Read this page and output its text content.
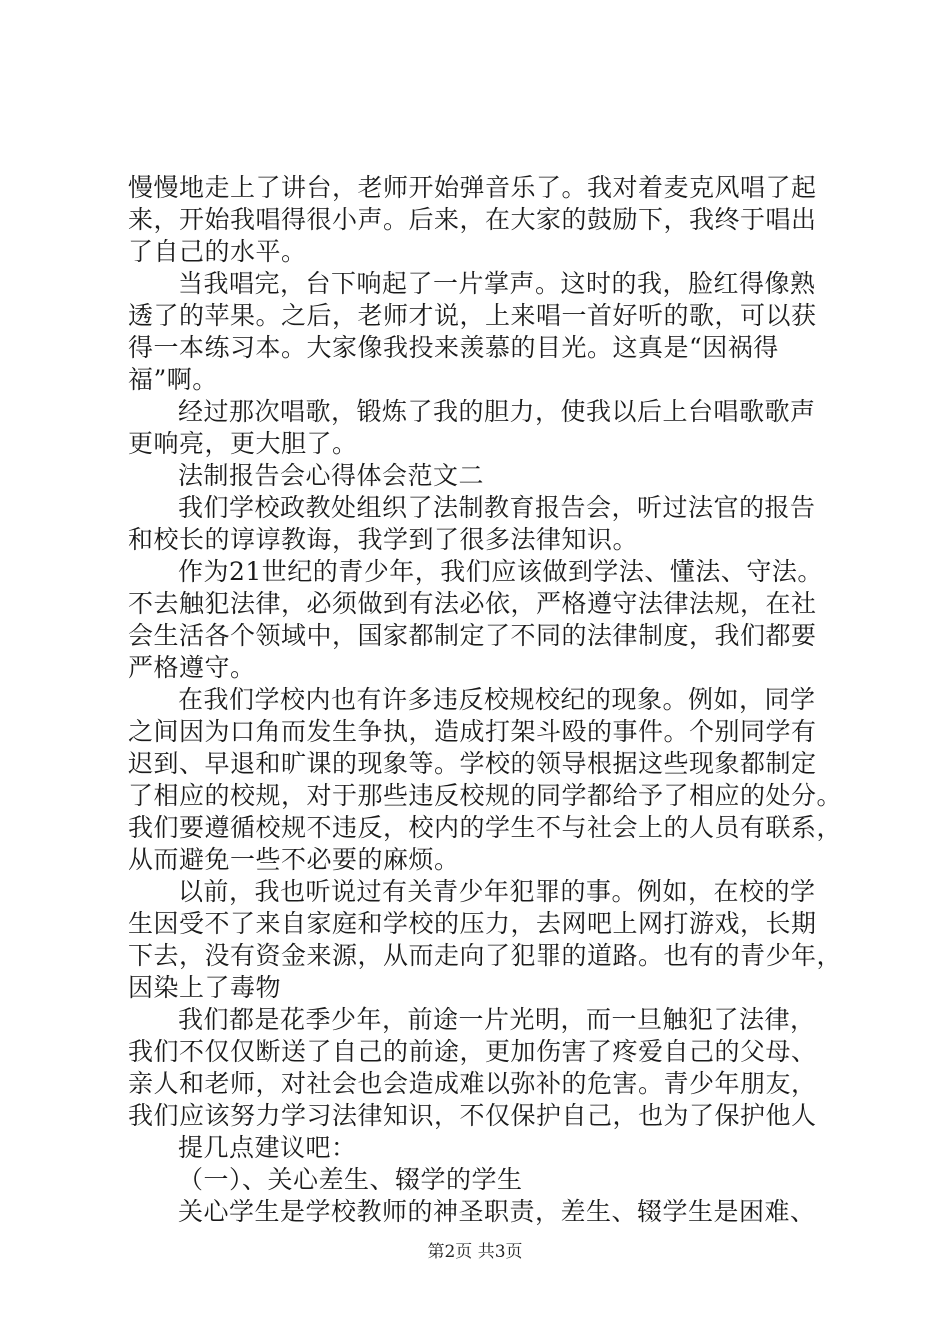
慢慢地走上了讲台，老师开始弹音乐了。我对着麦克风唱了起
来，开始我唱得很小声。后来，在大家的鼓励下，我终于唱出
了自己的水平。
当我唱完，台下响起了一片掌声。这时的我，脸红得像熟
透了的苹果。之后，老师才说，上来唱一首好听的歌，可以获
得一本练习本。大家像我投来羡慕的目光。这真是“因祸得
福”啊。
经过那次唱歌，锻炼了我的胆力，使我以后上台唱歌歌声
更响亮，更大胆了。
法制报告会心得体会范文二
我们学校政教处组织了法制教育报告会，听过法官的报告
和校长的谆谆教诲，我学到了很多法律知识。
作为21世纪的青少年，我们应该做到学法、懂法、守法。
不去触犯法律，必须做到有法必依，严格遵守法律法规，在社
会生活各个领域中，国家都制定了不同的法律制度，我们都要
严格遵守。
在我们学校内也有许多违反校规校纪的现象。例如，同学
之间因为口角而发生争执，造成打架斗殴的事件。个别同学有
迟到、早退和旷课的现象等。学校的领导根据这些现象都制定
了相应的校规，对于那些违反校规的同学都给予了相应的处分。
我们要遵循校规不违反，校内的学生不与社会上的人员有联系，
从而避免一些不必要的麻烦。
以前，我也听说过有关青少年犯罪的事。例如，在校的学
生因受不了来自家庭和学校的压力，去网吧上网打游戏，长期
下去，没有资金来源，从而走向了犯罪的道路。也有的青少年，
因染上了毒物
我们都是花季少年，前途一片光明，而一旦触犯了法律，
我们不仅仅断送了自己的前途，更加伤害了疼爱自己的父母、
亲人和老师，对社会也会造成难以弥补的危害。青少年朋友，
我们应该努力学习法律知识，不仅保护自己，也为了保护他人
提几点建议吧：
（一）、关心差生、辍学的学生
关心学生是学校教师的神圣职责，差生、辍学生是困难、
第2页 共3页
